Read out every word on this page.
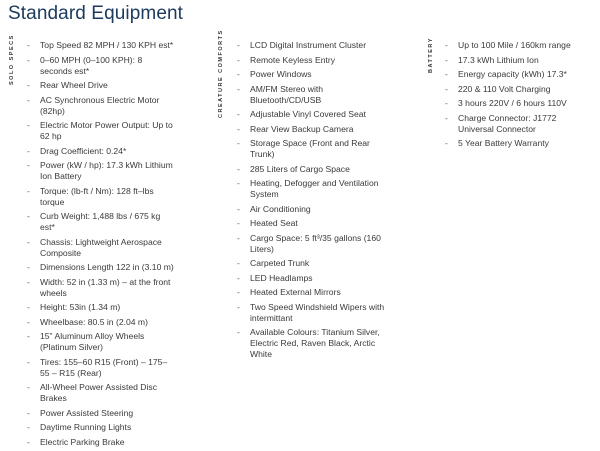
Standard Equipment
SOLO SPECS	- Top Speed 82 MPH / 130 KPH est*
- 0–60 MPH (0–100 KPH): 8 seconds est*
- Rear Wheel Drive
- AC Synchronous Electric Motor (82hp)
- Electric Motor Power Output: Up to 62 hp
- Drag Coefficient: 0.24*
- Power (kW / hp): 17.3 kWh Lithium Ion Battery
- Torque: (lb-ft / Nm): 128 ft–lbs torque
- Curb Weight: 1,488 lbs / 675 kg est*
- Chassis: Lightweight Aerospace Composite
- Dimensions Length 122 in (3.10 m)
- Width: 52 in (1.33 m) – at the front wheels
- Height: 53in (1.34 m)
- Wheelbase: 80.5 in (2.04 m)
- 15" Aluminum Alloy Wheels (Platinum Silver)
- Tires: 155–60 R15 (Front) – 175–55 – R15 (Rear)
- All-Wheel Power Assisted Disc Brakes
- Power Assisted Steering
- Daytime Running Lights
- Electric Parking Brake
CREATURE COMFORTS	- LCD Digital Instrument Cluster
- Remote Keyless Entry
- Power Windows
- AM/FM Stereo with Bluetooth/CD/USB
- Adjustable Vinyl Covered Seat
- Rear View Backup Camera
- Storage Space (Front and Rear Trunk)
- 285 Liters of Cargo Space
- Heating, Defogger and Ventilation System
- Air Conditioning
- Heated Seat
- Cargo Space: 5 ft³/35 gallons (160 Liters)
- Carpeted Trunk
- LED Headlamps
- Heated External Mirrors
- Two Speed Windshield Wipers with intermittant
- Available Colours: Titanium Silver, Electric Red, Raven Black, Arctic White
BATTERY	- Up to 100 Mile / 160km range
- 17.3 kWh Lithium Ion
- Energy capacity (kWh) 17.3*
- 220 & 110 Volt Charging
- 3 hours 220V / 6 hours 110V
- Charge Connector: J1772 Universal Connector
- 5 Year Battery Warranty
